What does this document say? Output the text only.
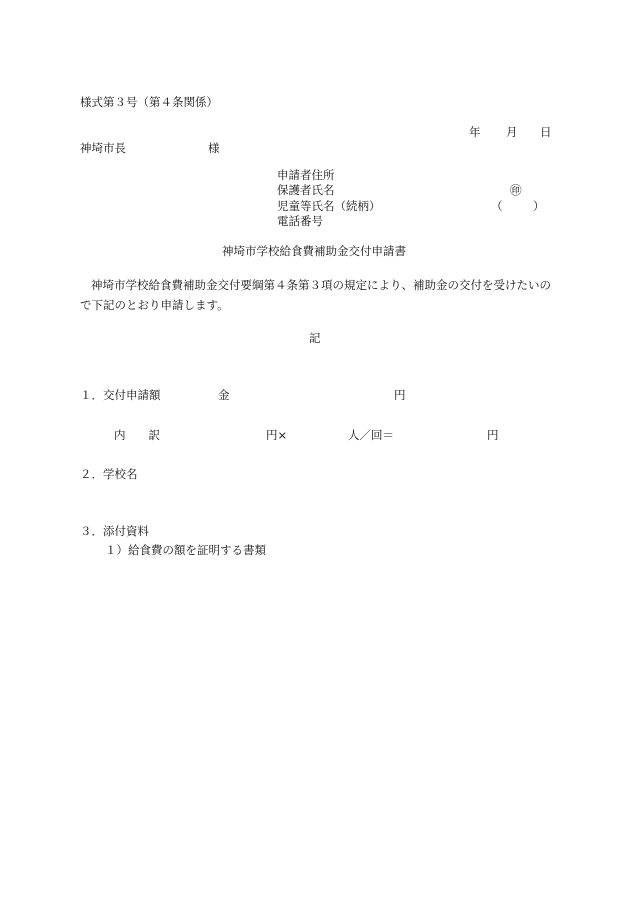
様式第３号（第４条関係）
年 月 日
神埼市長	様
申請者住所
保護者氏名	㊞
児童等氏名（続柄）	（	）
電話番号
神埼市学校給食費補助金交付申請書
神埼市学校給食費補助金交付要綱第４条第３項の規定により、補助金の交付を受けたいので下記のとおり申請します。
記
１．交付申請額	金	円
内　　訳	円×	人／回＝	円
２．学校名
３．添付資料
１）給食費の額を証明する書類
